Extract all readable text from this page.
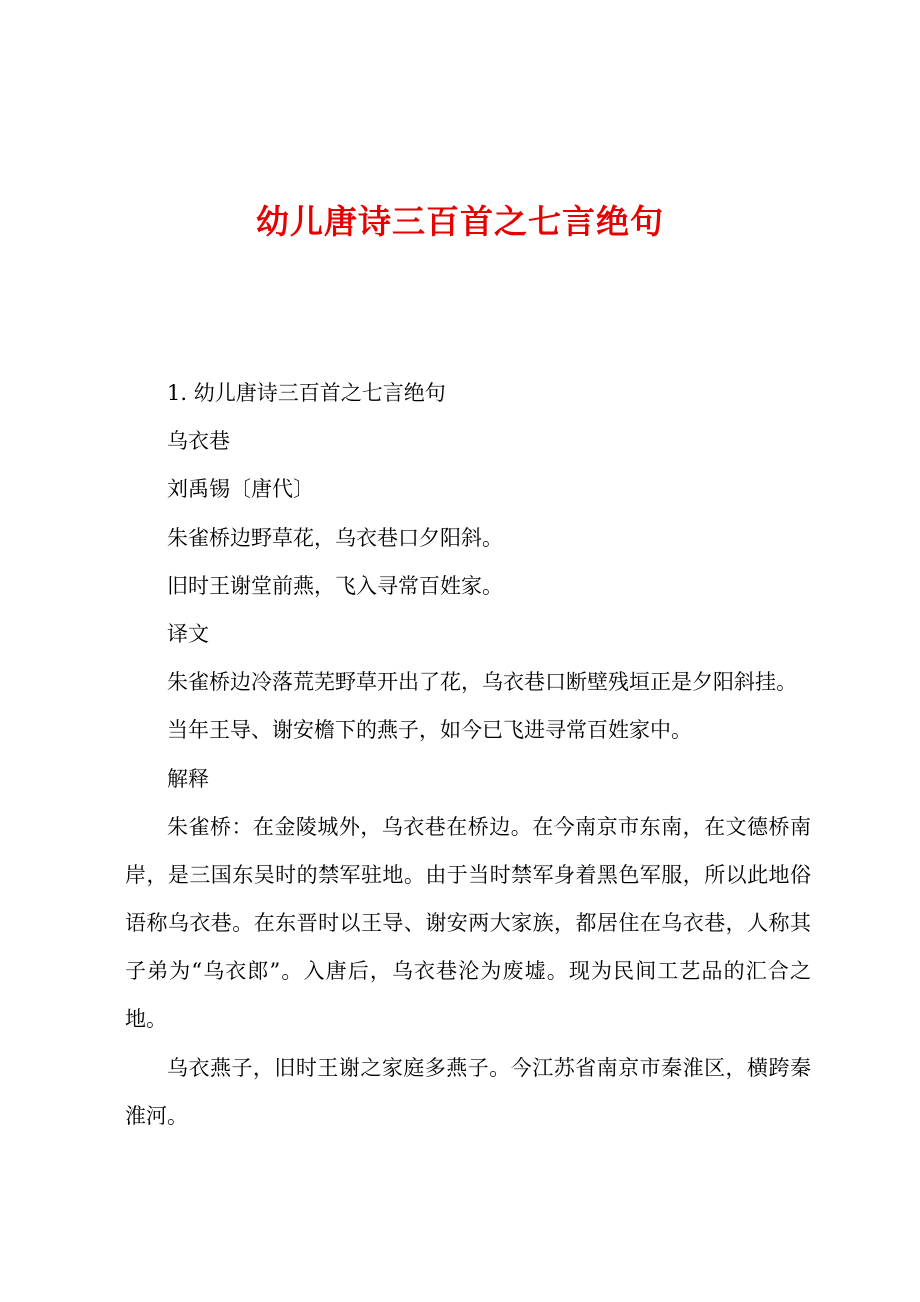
幼儿唐诗三百首之七言绝句
1. 幼儿唐诗三百首之七言绝句
乌衣巷
刘禹锡〔唐代〕
朱雀桥边野草花，乌衣巷口夕阳斜。
旧时王谢堂前燕，飞入寻常百姓家。
译文
朱雀桥边冷落荒芜野草开出了花，乌衣巷口断壁残垣正是夕阳斜挂。
当年王导、谢安檐下的燕子，如今已飞进寻常百姓家中。
解释
朱雀桥：在金陵城外，乌衣巷在桥边。在今南京市东南，在文德桥南
岸，是三国东吴时的禁军驻地。由于当时禁军身着黑色军服，所以此地俗
语称乌衣巷。在东晋时以王导、谢安两大家族，都居住在乌衣巷，人称其
子弟为“乌衣郎”。入唐后，乌衣巷沦为废墟。现为民间工艺品的汇合之
地。
乌衣燕子，旧时王谢之家庭多燕子。今江苏省南京市秦淮区，横跨秦
淮河。
